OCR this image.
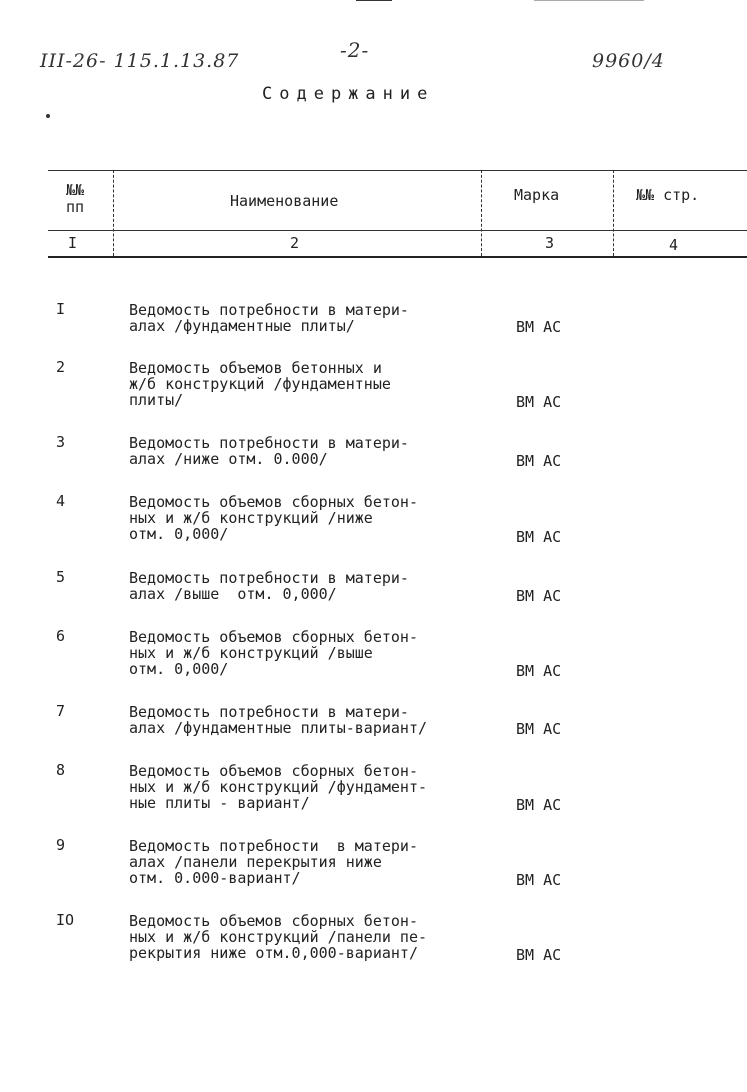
III-26- 115.1.13.87	-2-	9960/4
Содержание
№№
пп	Наименование	Марка	№№ стр.
I	2	3	4
I	Ведомость потребности в матери-
алах /фундаментные плиты/	ВМ АС
2	Ведомость объемов бетонных и
ж/б конструкций /фундаментные
плиты/	ВМ АС
3	Ведомость потребности в матери-
алах /ниже отм. 0.000/	ВМ АС
4	Ведомость объемов сборных бетон-
ных и ж/б конструкций /ниже
отм. 0,000/	ВМ АС
5	Ведомость потребности в матери-
алах /выше  отм. 0,000/	ВМ АС
6	Ведомость объемов сборных бетон-
ных и ж/б конструкций /выше
отм. 0,000/	ВМ АС
7	Ведомость потребности в матери-
алах /фундаментные плиты-вариант/	ВМ АС
8	Ведомость объемов сборных бетон-
ных и ж/б конструкций /фундамент-
ные плиты - вариант/	ВМ АС
9	Ведомость потребности  в матери-
алах /панели перекрытия ниже
отм. 0.000-вариант/	ВМ АС
IO	Ведомость объемов сборных бетон-
ных и ж/б конструкций /панели пе-
рекрытия ниже отм.0,000-вариант/	ВМ АС
